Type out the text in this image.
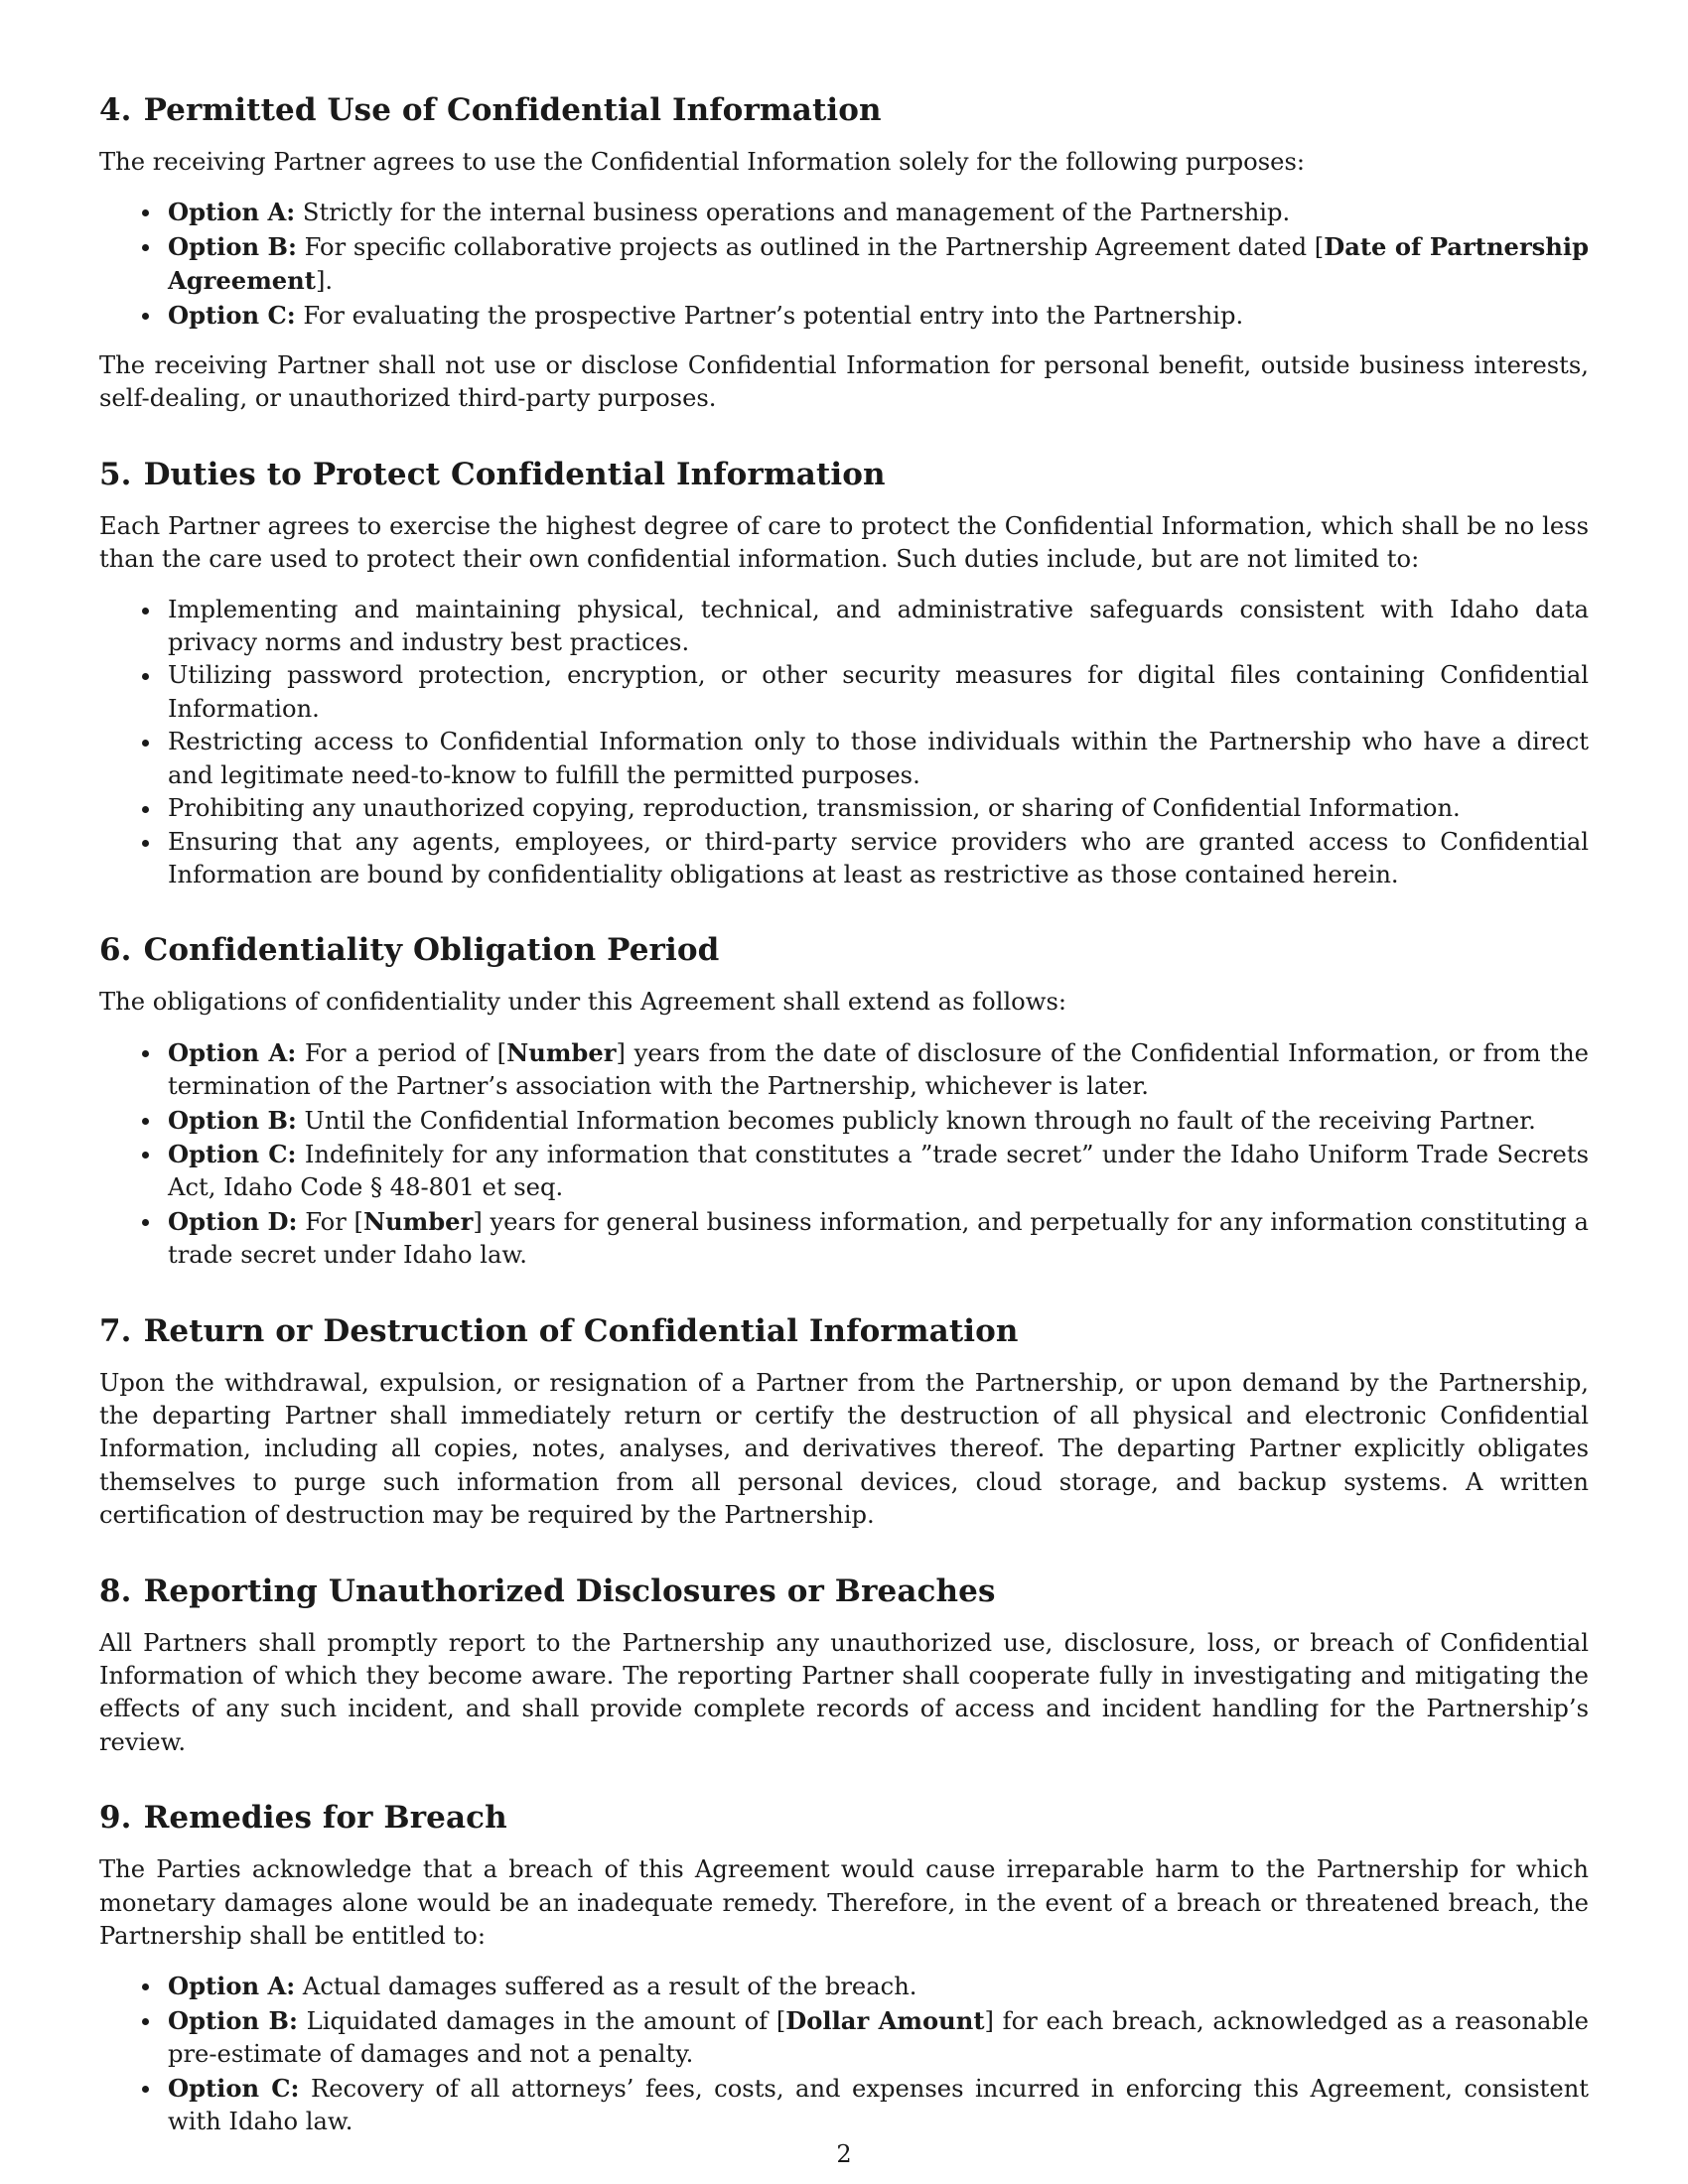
4. Permitted Use of Confidential Information

The receiving Partner agrees to use the Confidential Information solely for the following purposes:

Option A: Strictly for the internal business operations and management of the Partnership.
Option B: For specific collaborative projects as outlined in the Partnership Agreement dated [Date of Partnership Agreement].
Option C: For evaluating the prospective Partner’s potential entry into the Partnership.

The receiving Partner shall not use or disclose Confidential Information for personal benefit, outside business interests, self-dealing, or unauthorized third-party purposes.

5. Duties to Protect Confidential Information

Each Partner agrees to exercise the highest degree of care to protect the Confidential Information, which shall be no less than the care used to protect their own confidential information. Such duties include, but are not limited to:

Implementing and maintaining physical, technical, and administrative safeguards consistent with Idaho data privacy norms and industry best practices.
Utilizing password protection, encryption, or other security measures for digital files containing Confidential Information.
Restricting access to Confidential Information only to those individuals within the Partnership who have a direct and legitimate need-to-know to fulfill the permitted purposes.
Prohibiting any unauthorized copying, reproduction, transmission, or sharing of Confidential Information.
Ensuring that any agents, employees, or third-party service providers who are granted access to Confidential Information are bound by confidentiality obligations at least as restrictive as those contained herein.
6. Confidentiality Obligation Period

The obligations of confidentiality under this Agreement shall extend as follows:

Option A: For a period of [Number] years from the date of disclosure of the Confidential Information, or from the termination of the Partner’s association with the Partnership, whichever is later.
Option B: Until the Confidential Information becomes publicly known through no fault of the receiving Partner.
Option C: Indefinitely for any information that constitutes a ”trade secret” under the Idaho Uniform Trade Secrets Act, Idaho Code § 48-801 et seq.
Option D: For [Number] years for general business information, and perpetually for any information constituting a trade secret under Idaho law.
7. Return or Destruction of Confidential Information

Upon the withdrawal, expulsion, or resignation of a Partner from the Partnership, or upon demand by the Partnership, the departing Partner shall immediately return or certify the destruction of all physical and electronic Confidential Information, including all copies, notes, analyses, and derivatives thereof. The departing Partner explicitly obligates themselves to purge such information from all personal devices, cloud storage, and backup systems. A written certification of destruction may be required by the Partnership.

8. Reporting Unauthorized Disclosures or Breaches

All Partners shall promptly report to the Partnership any unauthorized use, disclosure, loss, or breach of Confidential Information of which they become aware. The reporting Partner shall cooperate fully in investigating and mitigating the effects of any such incident, and shall provide complete records of access and incident handling for the Partnership’s review.

9. Remedies for Breach

The Parties acknowledge that a breach of this Agreement would cause irreparable harm to the Partnership for which monetary damages alone would be an inadequate remedy. Therefore, in the event of a breach or threatened breach, the Partnership shall be entitled to:

Option A: Actual damages suffered as a result of the breach.
Option B: Liquidated damages in the amount of [Dollar Amount] for each breach, acknowledged as a reasonable pre-estimate of damages and not a penalty.
Option C: Recovery of all attorneys’ fees, costs, and expenses incurred in enforcing this Agreement, consistent with Idaho law.
2
